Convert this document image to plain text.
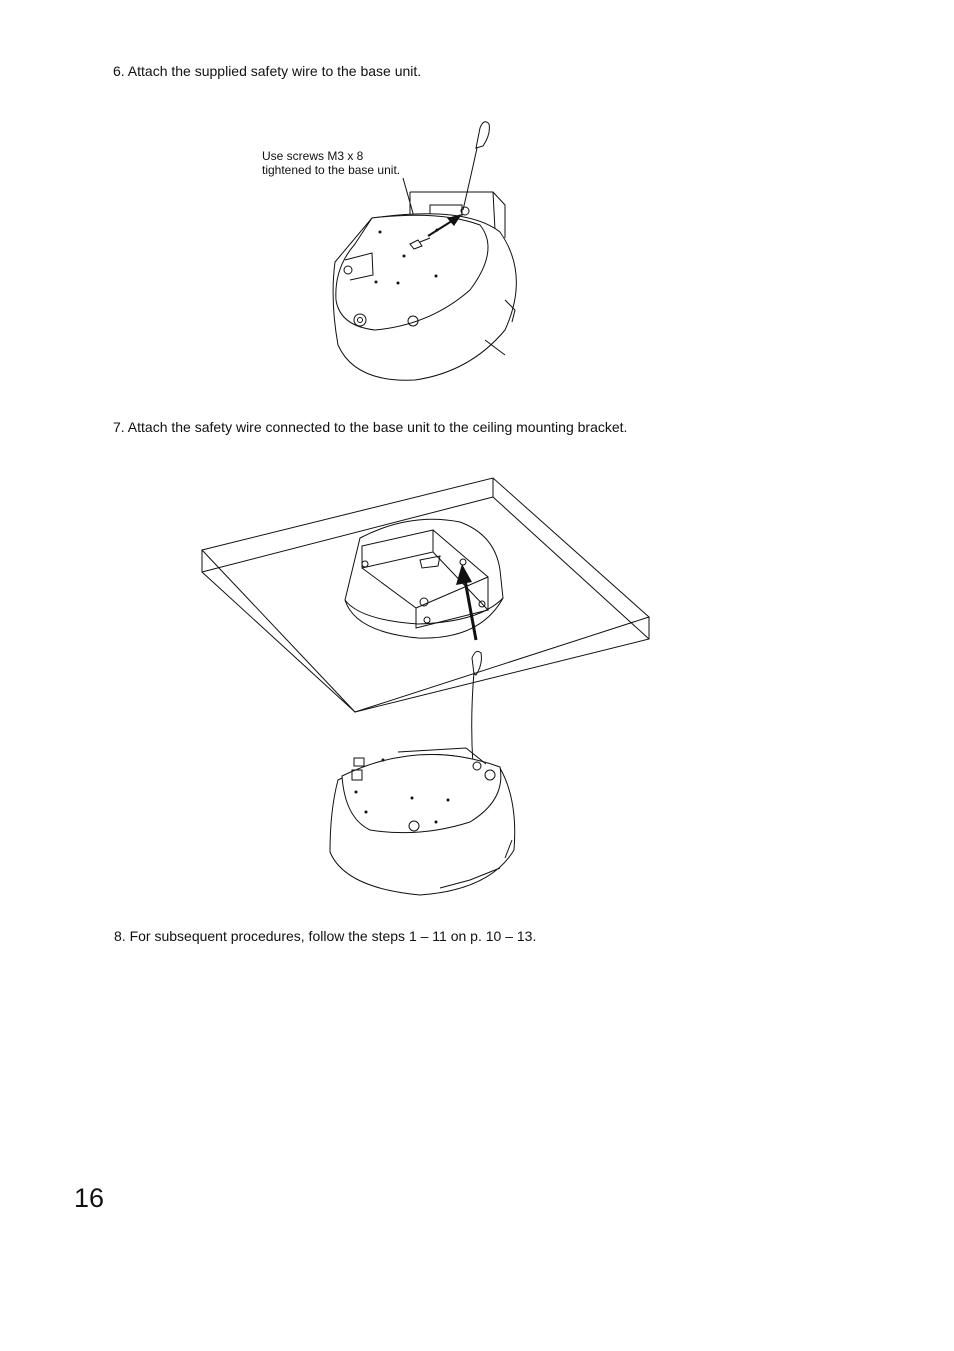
6. Attach the supplied safety wire to the base unit.
Use screws M3 x 8
tightened to the base unit.
7. Attach the safety wire connected to the base unit to the ceiling mounting bracket.
8. For subsequent procedures, follow the steps 1 – 11 on p. 10 – 13.
16
